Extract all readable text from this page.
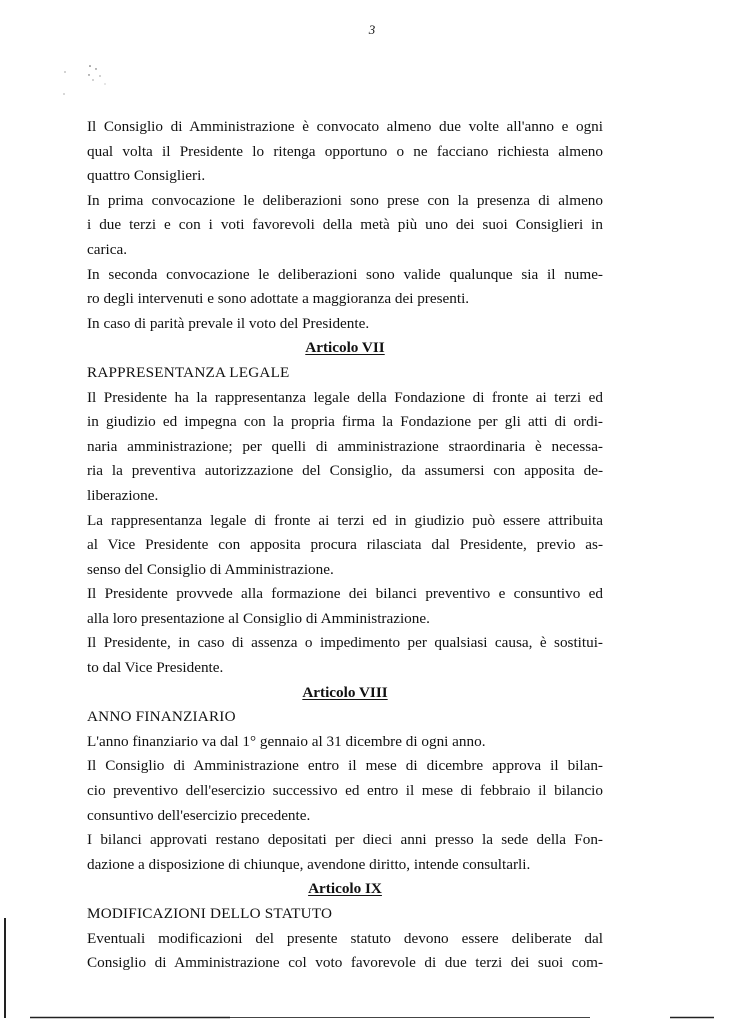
3
Il Consiglio di Amministrazione è convocato almeno due volte all'anno e ogni
qual volta il Presidente lo ritenga opportuno o ne facciano richiesta almeno
quattro Consiglieri.
In prima convocazione le deliberazioni sono prese con la presenza di almeno
i due terzi e con i voti favorevoli della metà più uno dei suoi Consiglieri in
carica.
In seconda convocazione le deliberazioni sono valide qualunque sia il nume-
ro degli intervenuti e sono adottate a maggioranza dei presenti.
In caso di parità prevale il voto del Presidente.
Articolo VII
RAPPRESENTANZA LEGALE
Il Presidente ha la rappresentanza legale della Fondazione di fronte ai terzi ed
in giudizio ed impegna con la propria firma la Fondazione per gli atti di ordi-
naria amministrazione; per quelli di amministrazione straordinaria è necessa-
ria la preventiva autorizzazione del Consiglio, da assumersi con apposita de-
liberazione.
La rappresentanza legale di fronte ai terzi ed in giudizio può essere attribuita
al Vice Presidente con apposita procura rilasciata dal Presidente, previo as-
senso del Consiglio di Amministrazione.
Il Presidente provvede alla formazione dei bilanci preventivo e consuntivo ed
alla loro presentazione al Consiglio di Amministrazione.
Il Presidente, in caso di assenza o impedimento per qualsiasi causa, è sostitui-
to dal Vice Presidente.
Articolo VIII
ANNO FINANZIARIO
L'anno finanziario va dal 1° gennaio al 31 dicembre di ogni anno.
Il Consiglio di Amministrazione entro il mese di dicembre approva il bilan-
cio preventivo dell'esercizio successivo ed entro il mese di febbraio il bilancio
consuntivo dell'esercizio precedente.
I bilanci approvati restano depositati per dieci anni presso la sede della Fon-
dazione a disposizione di chiunque, avendone diritto, intende consultarli.
Articolo IX
MODIFICAZIONI DELLO STATUTO
Eventuali modificazioni del presente statuto devono essere deliberate dal
Consiglio di Amministrazione col voto favorevole di due terzi dei suoi com-
